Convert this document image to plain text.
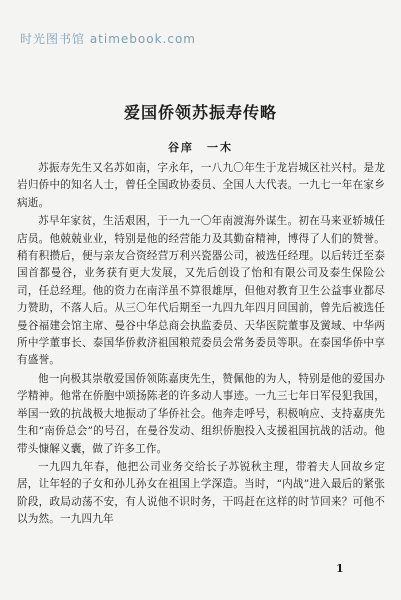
时光图书馆 atimebook.com
爱国侨领苏振寿传略
谷庠　一木

苏振寿先生又名苏如南，字永年，一八九〇年生于龙岩城区社兴村。是龙岩归侨中的知名人士，曾任全国政协委员、全国人大代表。一九七一年在家乡病逝。

苏早年家贫，生活艰困，于一九一〇年南渡海外谋生。初在马来亚轿城任店员。他兢兢业业，特别是他的经营能力及其勤奋精神，博得了人们的赞誉。稍有积攒后，便与亲友合资经营万利兴瓷器公司，被选任经理。以后转迁至泰国首都曼谷，业务获有更大发展，又先后创设了怡和有限公司及泰生保险公司，任总经理。他的资力在南洋虽不算很雄厚，但他对教育卫生公益事业都尽力赞助，不落人后。从三〇年代后期至一九四九年四月回国前，曾先后被选任曼谷福建会馆主席、曼谷中华总商会执监委员、天华医院董事及黉域、中华两所中学董事长、泰国华侨救济祖国粮荒委员会常务委员等职。在泰国华侨中享有盛誉。

他一向极其崇敬爱国侨领陈嘉庚先生，赞佩他的为人，特别是他的爱国办学精神。他常在侨胞中颂扬陈老的许多动人事迹。一九三七年日军侵犯我国，举国一致的抗战极大地振动了华侨社会。他奔走呼号，积极响应、支持嘉庚先生和“南侨总会”的号召，在曼谷发动、组织侨胞投入支援祖国抗战的活动。他带头慷解义囊，做了许多工作。

一九四九年春，他把公司业务交给长子苏锐秋主理，带着夫人回故乡定居，让年轻的子女和孙儿孙女在祖国上学深造。当时，“内战”进入最后的紧张阶段，政局动荡不安，有人说他不识时务，干吗赶在这样的时节回来？可他不以为然。一九四九年

1
